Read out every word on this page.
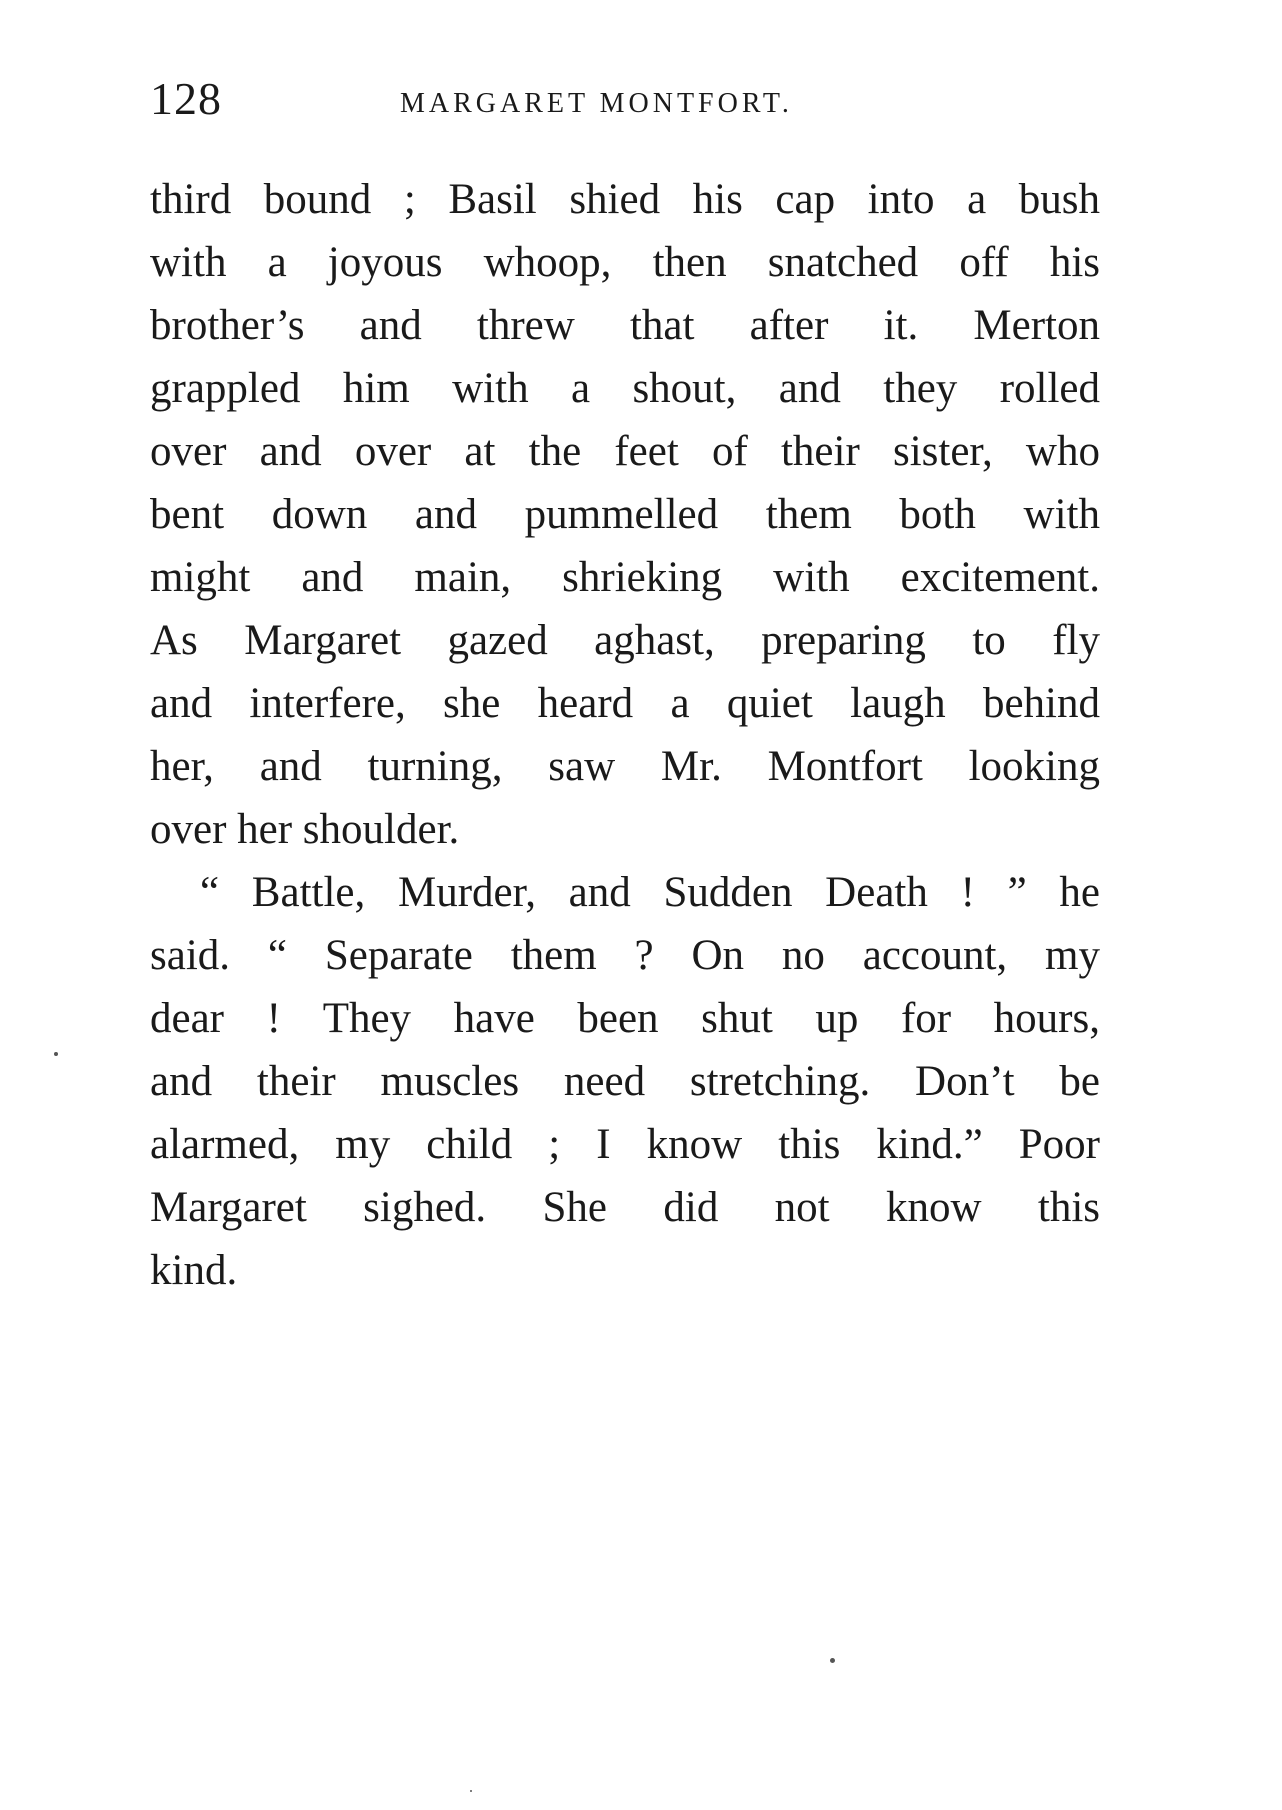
128	MARGARET MONTFORT.
third bound ; Basil shied his cap into a bush
with a joyous whoop, then snatched off his
brother’s and threw that after it. Merton
grappled him with a shout, and they rolled
over and over at the feet of their sister, who
bent down and pummelled them both with
might and main, shrieking with excitement.
As Margaret gazed aghast, preparing to fly
and interfere, she heard a quiet laugh behind
her, and turning, saw Mr. Montfort looking
over her shoulder.
“ Battle, Murder, and Sudden Death ! ” he
said. “ Separate them ? On no account, my
dear ! They have been shut up for hours,
and their muscles need stretching. Don’t be
alarmed, my child ; I know this kind.” Poor
Margaret sighed. She did not know this
kind.
